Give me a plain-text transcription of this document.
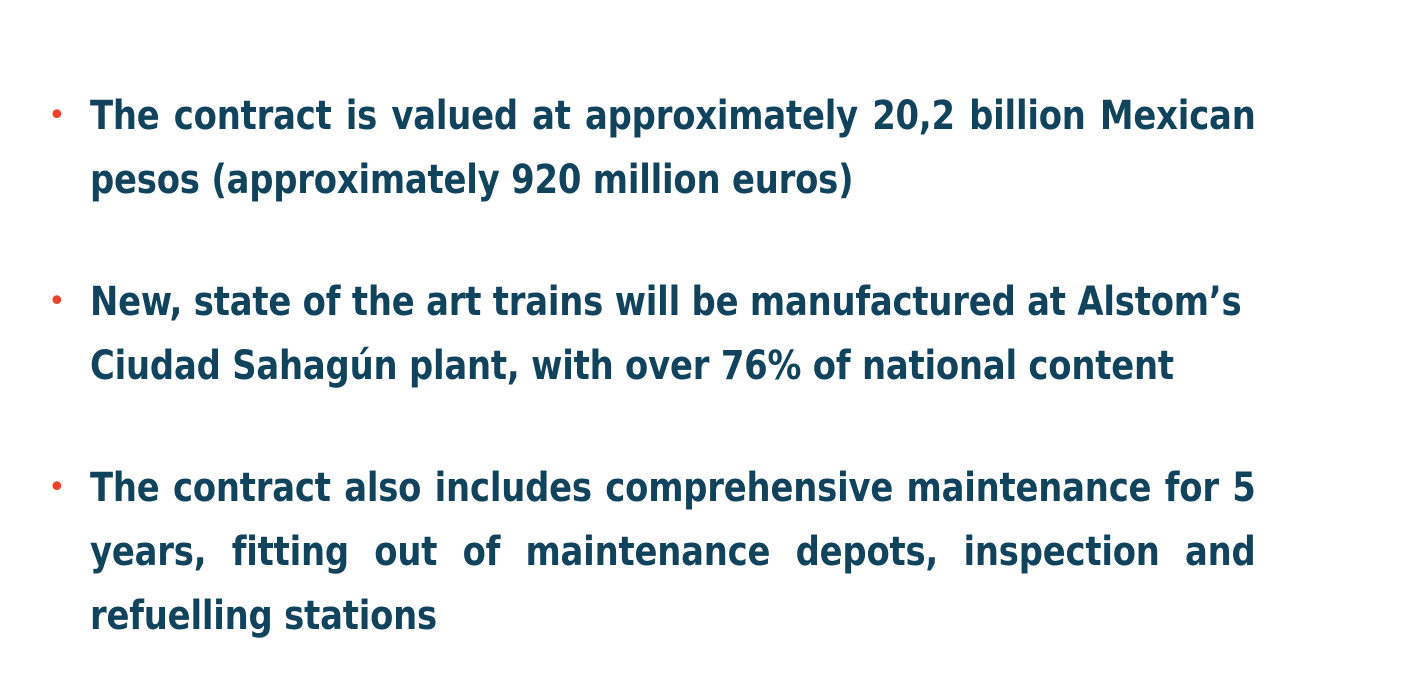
• The contract is valued at approximately 20,2 billion Mexican pesos (approximately 920 million euros)
• New, state of the art trains will be manufactured at Alstom’s Ciudad Sahagún plant, with over 76% of national content
• The contract also includes comprehensive maintenance for 5 years, fitting out of maintenance depots, inspection and refuelling stations
